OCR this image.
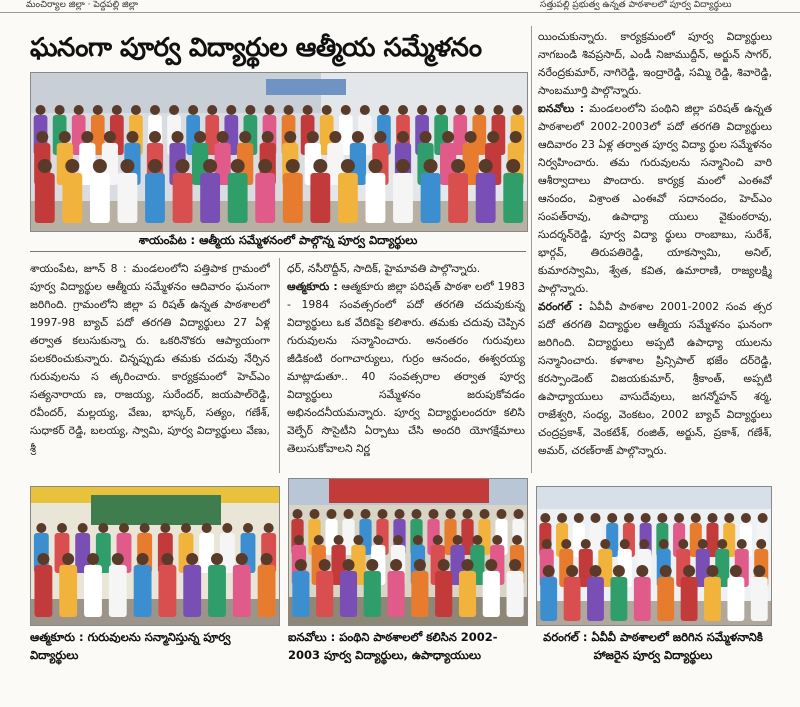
మంచిర్యాల జిల్లా · పెద్దపల్లి జిల్లా	సత్తుపల్లి ప్రభుత్వ ఉన్నత పాఠశాలలో పూర్వ విద్యార్థులు
ఘనంగా పూర్వ విద్యార్థుల ఆత్మీయ సమ్మేళనం
శాయంపేట : ఆత్మీయ సమ్మేళనంలో పాల్గొన్న పూర్వ విద్యార్థులు

శాయంపేట, జూన్ 8 : మండలంలోని పత్తిపాక గ్రామంలో పూర్వ విద్యార్థుల ఆత్మీయ సమ్మేళనం ఆదివారం ఘనంగా జరిగింది. గ్రామంలోని జిల్లా ప రిషత్ ఉన్నత పాఠశాలలో 1997-98 బ్యాచ్ పదో తరగతి విద్యార్థులు 27 ఏళ్ల తర్వాత కలుసుకున్నా రు. ఒకరినొకరు ఆప్యాయంగా పలకరించుకున్నారు. చిన్నప్పుడు తమకు చదువు నేర్పిన గురువులను స త్కరించారు. కార్యక్రమంలో హెచ్‌ఎం సత్యనారాయ ణ, రాజయ్య, సురేందర్, జయపాల్‌రెడ్డి, రవీందర్, మల్లయ్య, వేణు, భాస్కర్, సత్యం, గణేశ్, సుధాకర్ రెడ్డి, బలయ్య, స్వామి, పూర్వ విద్యార్థులు వేణు, శ్రీ

ధర్, నసీరొద్దీన్, సాదిక్, హైమావతి పాల్గొన్నారు.

ఆత్మకూరు : ఆత్మకూరు జిల్లా పరిషత్ పాఠశా లలో 1983 - 1984 సంవత్సరంలో పదో తరగతి చదువుకున్న విద్యార్థులు ఒక వేదికపై కలిశారు. తమకు చదువు చెప్పిన గురువులను సన్మానించారు. అనంతరం గురువులు జీడికంటి రంగాచార్యులు, గుర్రం ఆనందం, ఈశ్వరయ్య మాట్లాడుతూ.. 40 సంవత్సరాల తర్వాత పూర్వ విద్యార్థులు సమ్మేళనం జరుపుకోవడం అభినందనీయమన్నారు. పూర్వ విద్యార్థులందరూ కలిసి వెల్ఫేర్ సొసైటీని ఏర్పాటు చేసి అందరి యోగక్షేమాలు తెలుసుకోవాలని నిర్ణ

యించుకున్నారు. కార్యక్రమంలో పూర్వ విద్యార్థులు నాగబండి శివప్రసాద్, ఎండీ నిజాముద్దీన్, అర్జున్ సాగర్, నరేంద్రకుమార్, నాగిరెడ్డి, ఇంద్రారెడ్డి, సమ్మి రెడ్డి, శివారెడ్డి, సాంబమూర్తి పాల్గొన్నారు.

ఐనవోలు : మండలంలోని పంథిని జిల్లా పరిషత్ ఉన్నత పాఠశాలలో 2002-2003లో పదో తరగతి విద్యార్థులు ఆదివారం 23 ఏళ్ల తర్వాత పూర్వ విద్యా ర్థుల సమ్మేళనం నిర్వహించారు. తమ గురువులను సన్మానించి వారి ఆశీర్వాదాలు పొందారు. కార్యక్ర మంలో ఎంఈవో ఆనందం, విశ్రాంత ఎంఈవో సదానందం, హెచ్‌ఎం సంపత్‌రావు, ఉపాధ్యా యులు వైకుంఠరావు, సుదర్శన్‌రెడ్డి, పూర్వ విద్యా ర్థులు రాంబాబు, సురేశ్, భార్గవ్, తిరుపతిరెడ్డి, యాకస్వామి, అనిల్, కుమారస్వామి, శ్వేత, కవిత, ఉమారాణి, రాజ్యలక్ష్మి పాల్గొన్నారు.

వరంగల్ : ఏవీవీ పాఠశాల 2001-2002 సంవ త్సర పదో తరగతి విద్యార్థుల ఆత్మీయ సమ్మేళనం ఘనంగా జరిగింది. విద్యార్థులు అప్పటి ఉపాధ్యా యులను సన్మానించారు. కళాశాల ప్రిన్సిపాల్ భజేం దర్‌రెడ్డి, కరస్పాండెంట్ విజయకుమార్, శ్రీకాంత్, అప్పటి ఉపాధ్యాయులు వాసుదేవులు, జగన్మోహన్ శర్మ, రాజేశ్వరి, సంధ్య, వెంకటం, 2002 బ్యాచ్ విద్యార్థులు చంద్రప్రకాశ్, వెంకటేశ్, రంజిత్, అర్జున్, ప్రకాశ్, గణేశ్, అమర్, చరణ్‌రాజ్ పాల్గొన్నారు.

ఆత్మకూరు : గురువులను సన్మానిస్తున్న పూర్వ విద్యార్థులు
ఐనవోలు : పంథిని పాఠశాలలో కలిసిన 2002-2003 పూర్వ విద్యార్థులు, ఉపాధ్యాయులు
వరంగల్ : ఏవీవీ పాఠశాలలో జరిగిన సమ్మేళనానికి హాజరైన పూర్వ విద్యార్థులు
